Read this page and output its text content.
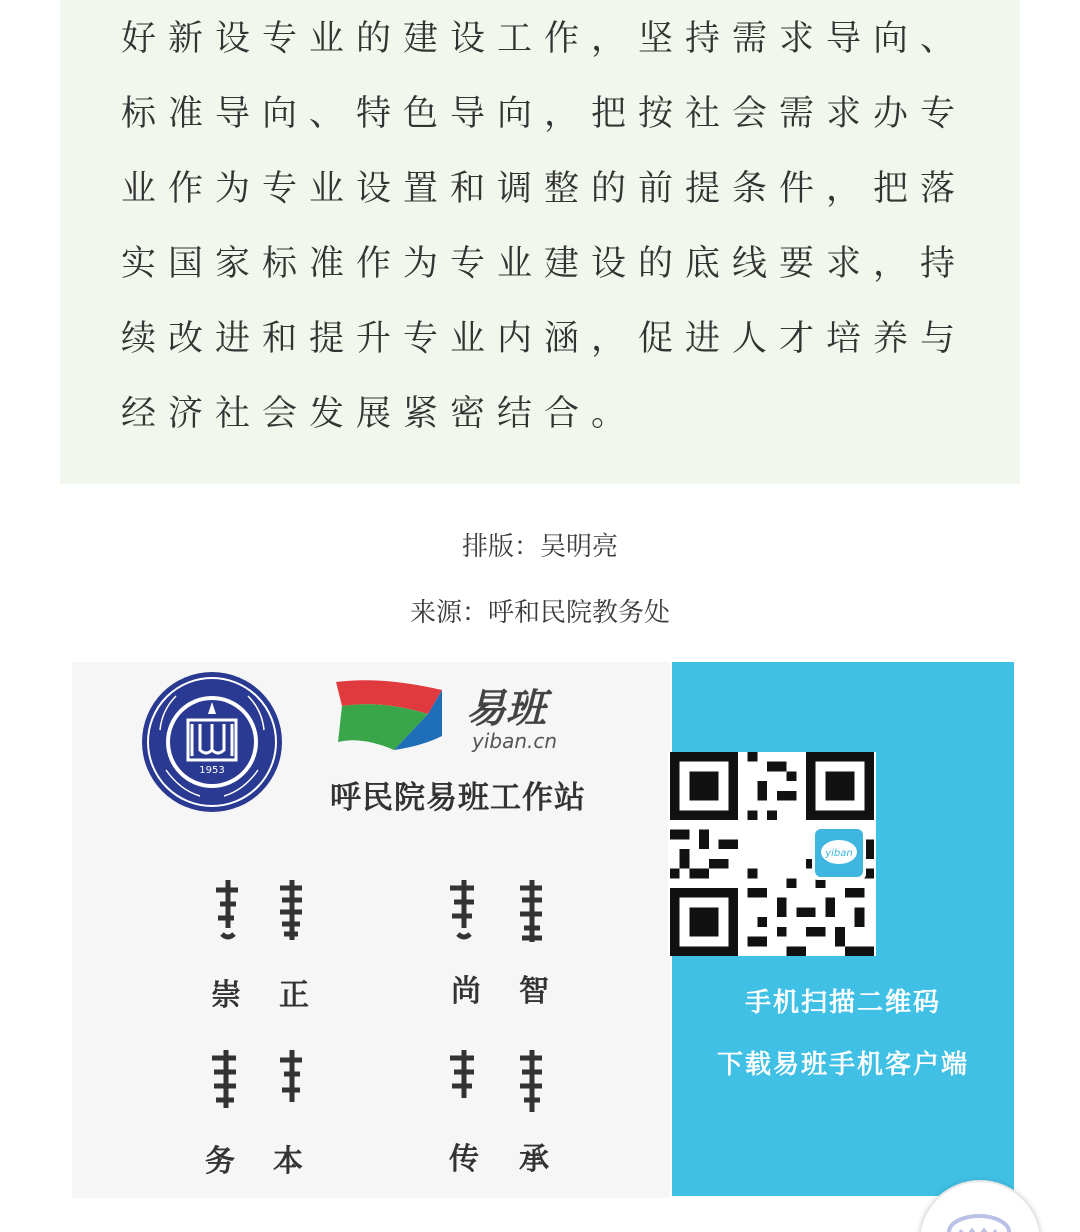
好新设专业的建设工作，坚持需求导向、
标准导向、特色导向，把按社会需求办专
业作为专业设置和调整的前提条件，把落
实国家标准作为专业建设的底线要求，持
续改进和提升专业内涵，促进人才培养与
经济社会发展紧密结合。
排版：吴明亮
来源：呼和民院教务处
1953
易班
yiban.cn
呼民院易班工作站
崇 正	尚 智
务 本	传 承
yiban
手机扫描二维码
下载易班手机客户端
